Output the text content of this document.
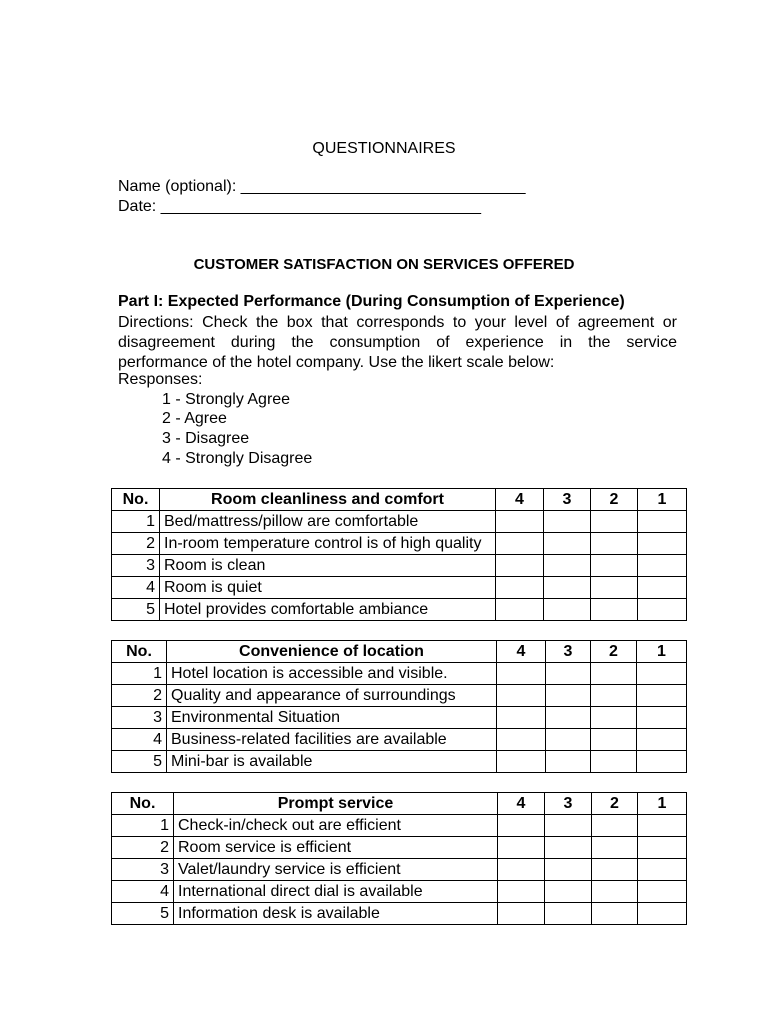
QUESTIONNAIRES
Name (optional): ________________________________
Date: ____________________________________
CUSTOMER SATISFACTION ON SERVICES OFFERED
Part I: Expected Performance (During Consumption of Experience)
Directions: Check the box that corresponds to your level of agreement or disagreement during the consumption of experience in the service performance of the hotel company. Use the likert scale below:
Responses:
1 - Strongly Agree
2 - Agree
3 - Disagree
4 - Strongly Disagree
No.	Room cleanliness and comfort	4	3	2	1
1	Bed/mattress/pillow are comfortable				
2	In-room temperature control is of high quality				
3	Room is clean				
4	Room is quiet				
5	Hotel provides comfortable ambiance				
No.	Convenience of location	4	3	2	1
1	Hotel location is accessible and visible.				
2	Quality and appearance of surroundings				
3	Environmental Situation				
4	Business-related facilities are available				
5	Mini-bar is available				
No.	Prompt service	4	3	2	1
1	Check-in/check out are efficient				
2	Room service is efficient				
3	Valet/laundry service is efficient				
4	International direct dial is available				
5	Information desk is available				
